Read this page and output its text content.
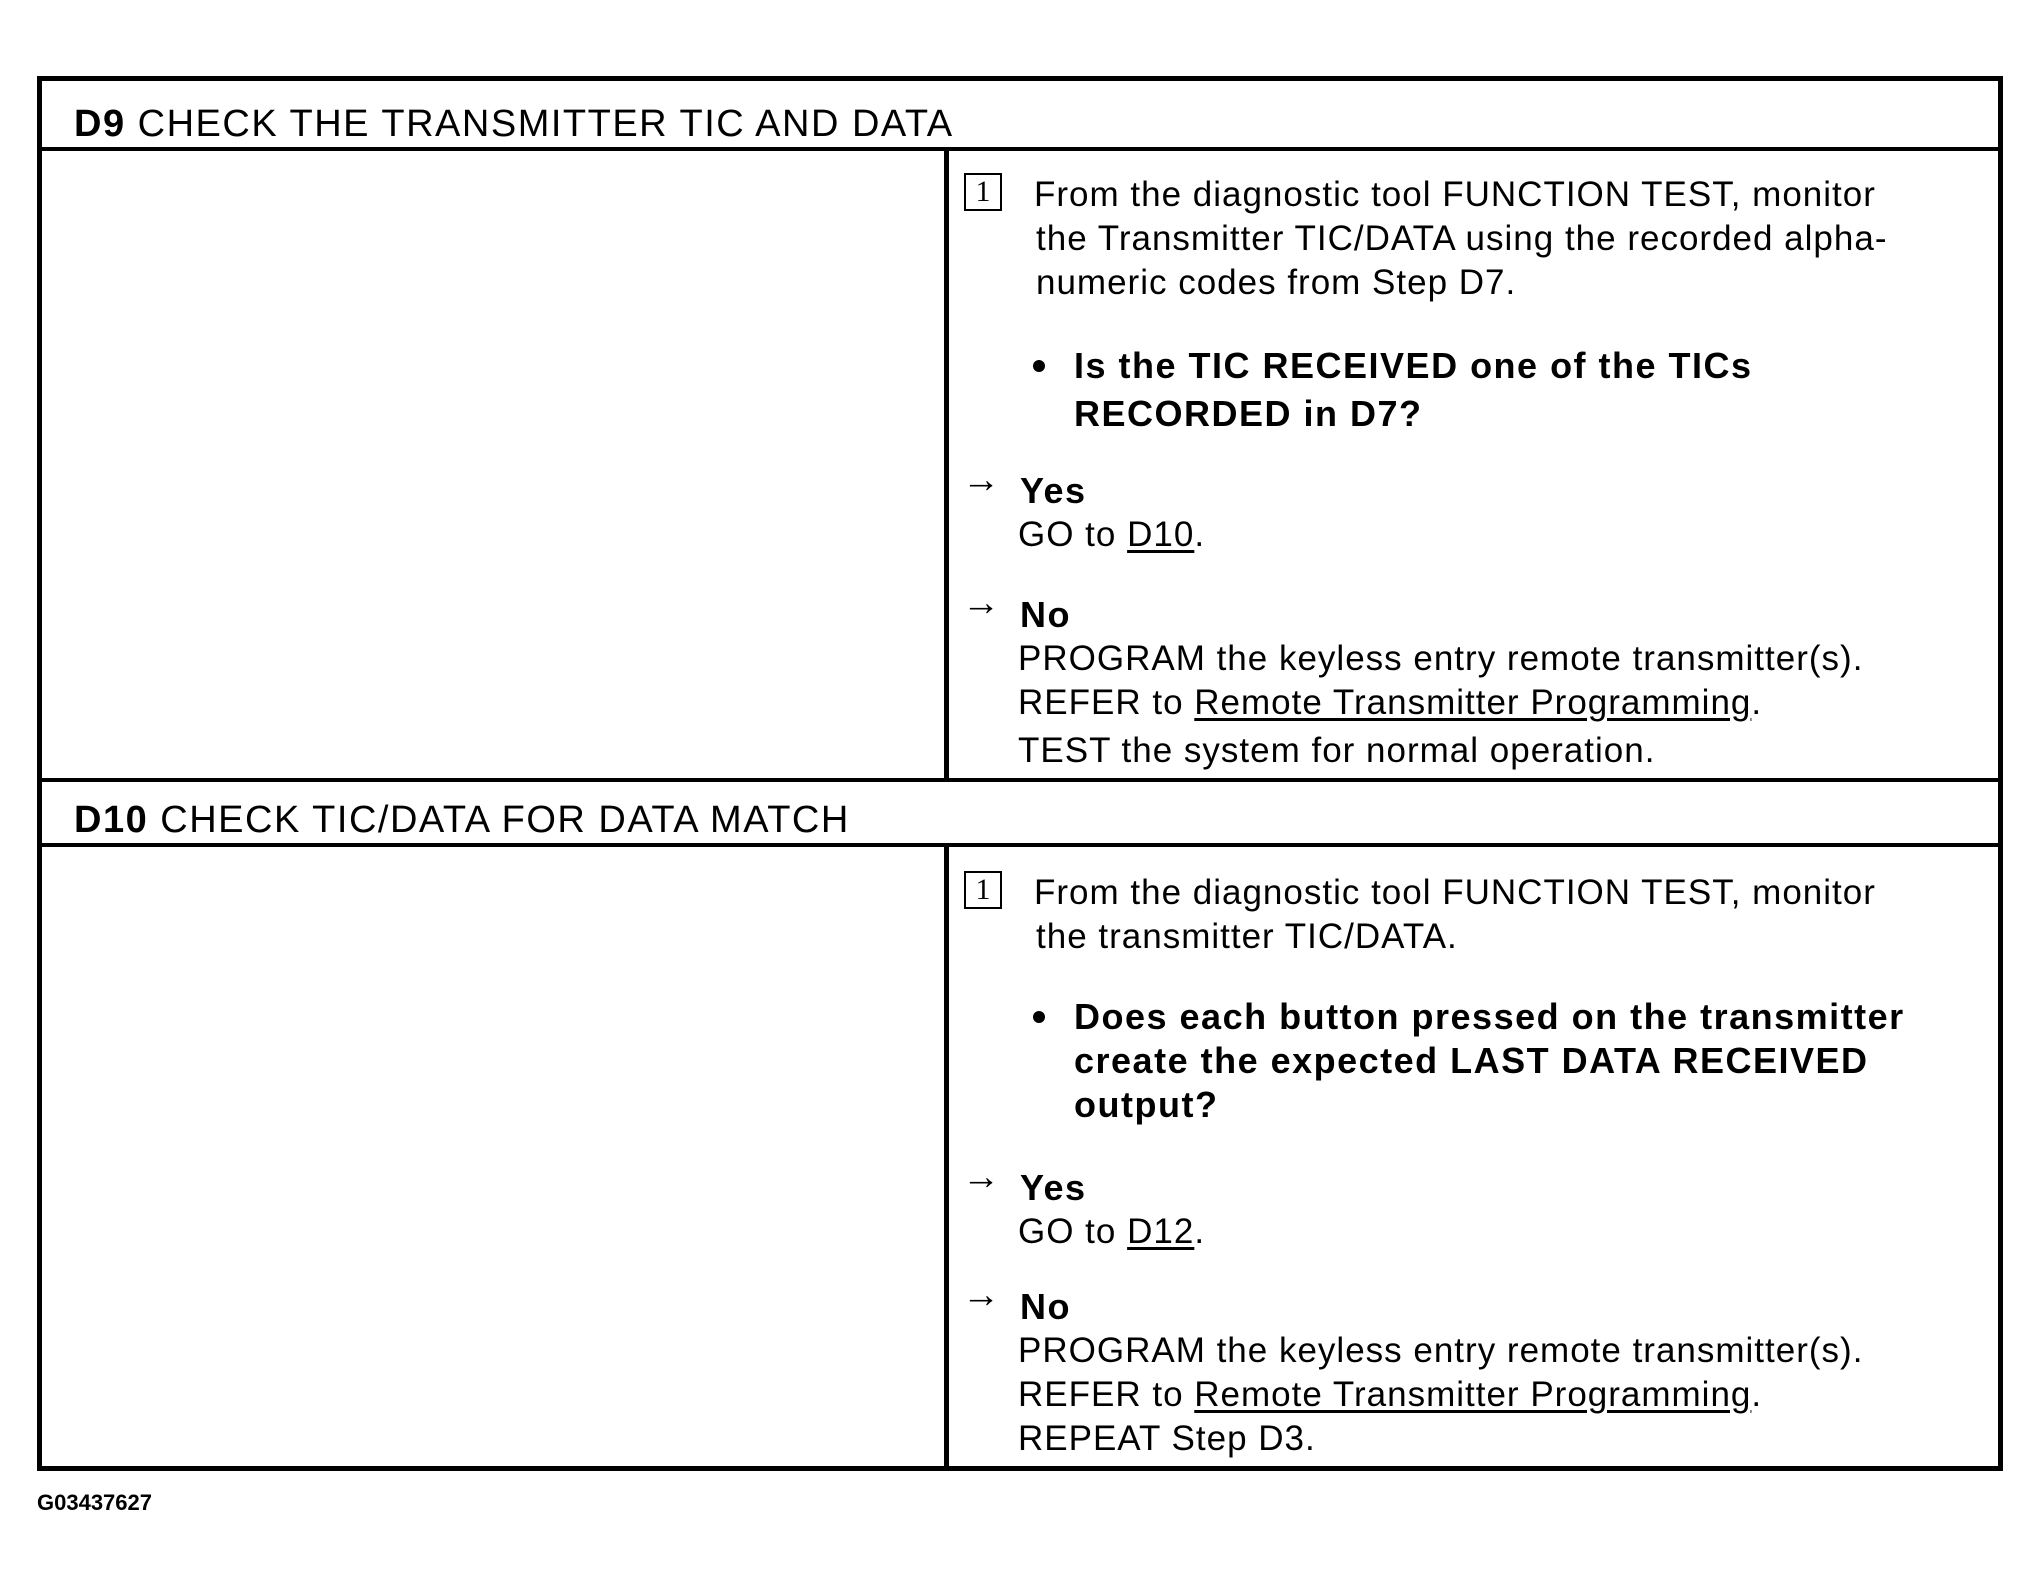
D9 CHECK THE TRANSMITTER TIC AND DATA
1	From the diagnostic tool FUNCTION TEST, monitor
the Transmitter TIC/DATA using the recorded alpha-
numeric codes from Step D7.
Is the TIC RECEIVED one of the TICs
RECORDED in D7?
→ Yes
GO to D10.
→ No
PROGRAM the keyless entry remote transmitter(s).
REFER to Remote Transmitter Programming.
TEST the system for normal operation.
D10 CHECK TIC/DATA FOR DATA MATCH
1	From the diagnostic tool FUNCTION TEST, monitor
the transmitter TIC/DATA.
Does each button pressed on the transmitter
create the expected LAST DATA RECEIVED
output?
→ Yes
GO to D12.
→ No
PROGRAM the keyless entry remote transmitter(s).
REFER to Remote Transmitter Programming.
REPEAT Step D3.
G03437627
